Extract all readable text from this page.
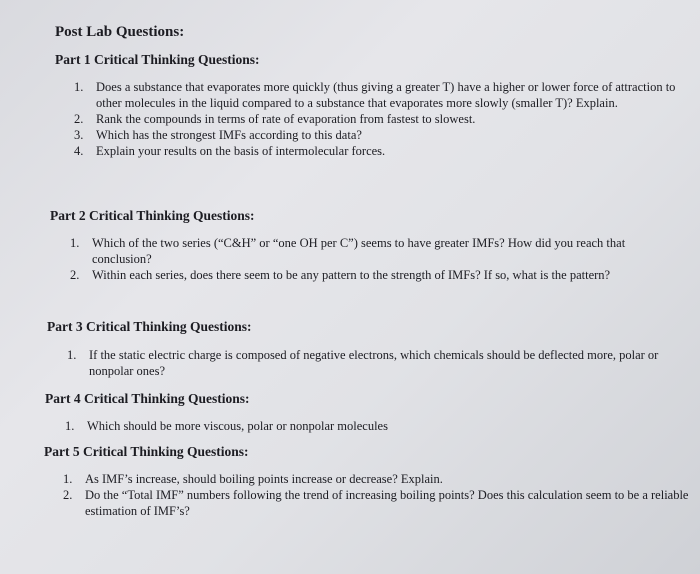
Post Lab Questions:
Part 1 Critical Thinking Questions:
1. Does a substance that evaporates more quickly (thus giving a greater T) have a higher or lower force of attraction to other molecules in the liquid compared to a substance that evaporates more slowly (smaller T)? Explain.
2. Rank the compounds in terms of rate of evaporation from fastest to slowest.
3. Which has the strongest IMFs according to this data?
4. Explain your results on the basis of intermolecular forces.
Part 2 Critical Thinking Questions:
1. Which of the two series (“C&H” or “one OH per C”) seems to have greater IMFs? How did you reach that conclusion?
2. Within each series, does there seem to be any pattern to the strength of IMFs? If so, what is the pattern?
Part 3 Critical Thinking Questions:
1. If the static electric charge is composed of negative electrons, which chemicals should be deflected more, polar or nonpolar ones?
Part 4 Critical Thinking Questions:
1. Which should be more viscous, polar or nonpolar molecules
Part 5 Critical Thinking Questions:
1. As IMF’s increase, should boiling points increase or decrease? Explain.
2. Do the “Total IMF” numbers following the trend of increasing boiling points? Does this calculation seem to be a reliable estimation of IMF’s?
